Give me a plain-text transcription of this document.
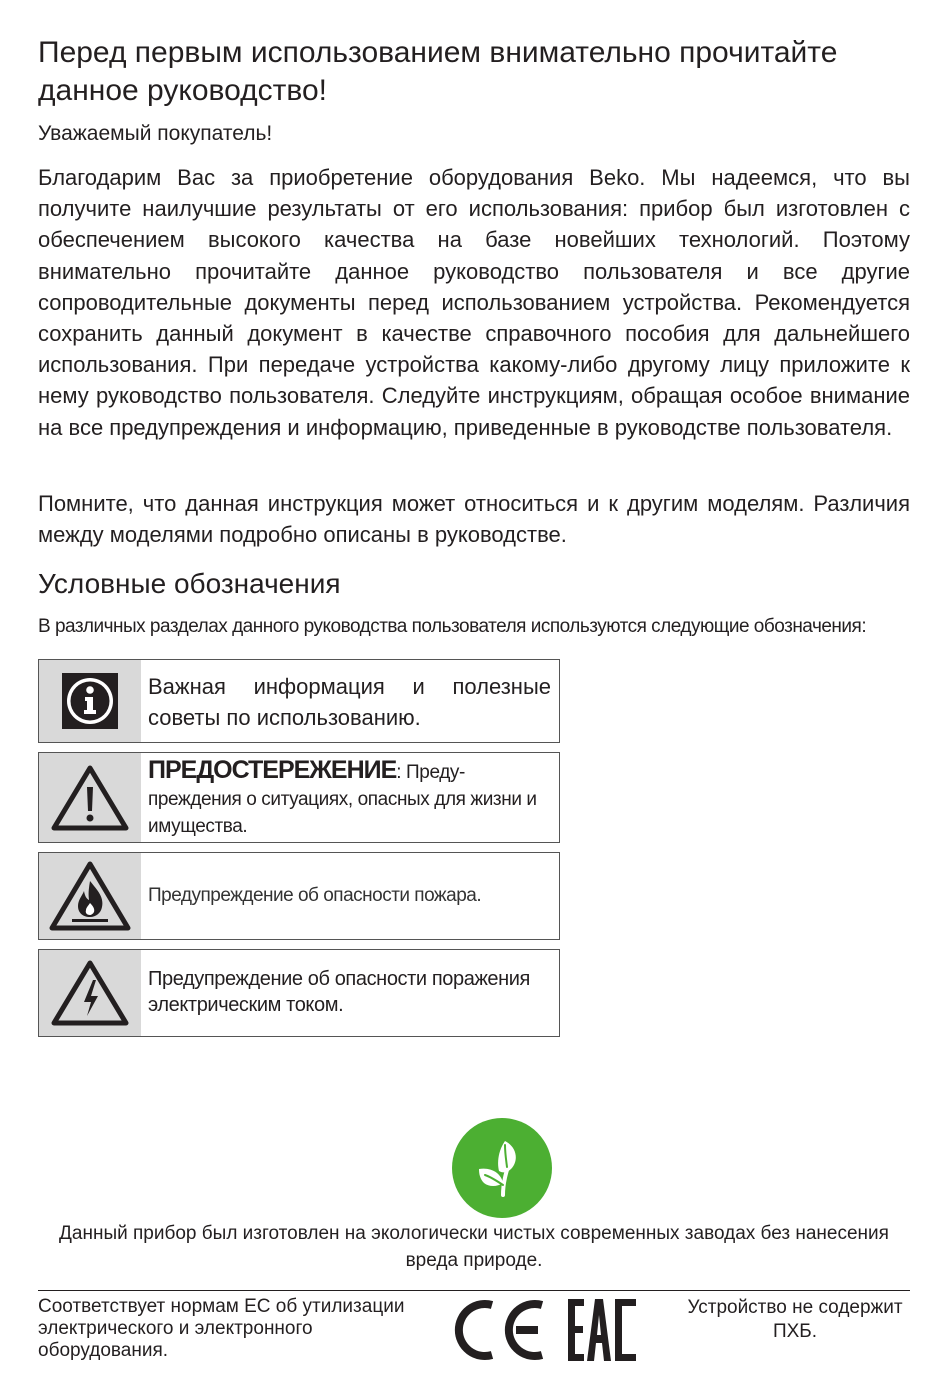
Перед первым использованием внимательно прочитайте данное руководство!
Уважаемый покупатель!

Благодарим Вас за приобретение оборудования Beko. Мы надеемся, что вы получите наилучшие результаты от его использования: прибор был изготовлен с обеспечением высокого качества на базе новейших технологий. Поэтому внимательно прочитайте данное руководство пользователя и все другие сопроводительные документы перед использованием устройства. Рекомендуется сохранить данный документ в качестве справочного пособия для дальнейшего использования. При передаче устройства какому-либо другому лицу приложите к нему руководство пользователя. Следуйте инструкциям, обращая особое внимание на все предупреждения и информацию, приведенные в руководстве пользователя.

Помните, что данная инструкция может относиться и к другим моделям. Различия между моделями подробно описаны в руководстве.

Условные обозначения
В различных разделах данного руководства пользователя используются следующие обозначения:
Важная информация и полезные советы по использованию.
ПРЕДОСТЕРЕЖЕНИЕ: Преду-преждения о ситуациях, опасных для жизни и имущества.
Предупреждение об опасности пожара.
Предупреждение об опасности поражения электрическим током.
Данный прибор был изготовлен на экологически чистых современных заводах без нанесения вреда природе.
Соответствует нормам ЕС об утилизации электрического и электронного оборудования.
Устройство не содержит ПХБ.
